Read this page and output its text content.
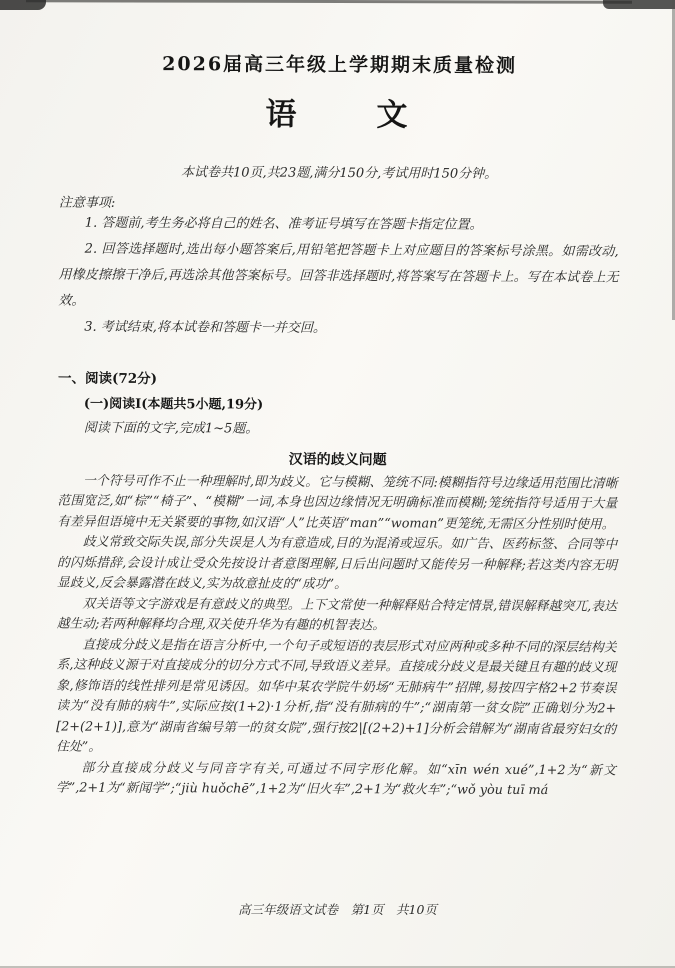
2026届高三年级上学期期末质量检测
语　　文

本试卷共10页,共23题,满分150分,考试用时150分钟。

注意事项:

1. 答题前,考生务必将自己的姓名、准考证号填写在答题卡指定位置。

2. 回答选择题时,选出每小题答案后,用铅笔把答题卡上对应题目的答案标号涂黑。如需改动,用橡皮擦擦干净后,再选涂其他答案标号。回答非选择题时,将答案写在答题卡上。写在本试卷上无效。

3. 考试结束,将本试卷和答题卡一并交回。

一、阅读(72分)

(一)阅读Ⅰ(本题共5小题,19分)

阅读下面的文字,完成1~5题。

汉语的歧义问题

一个符号可作不止一种理解时,即为歧义。它与模糊、笼统不同:模糊指符号边缘适用范围比清晰范围宽泛,如“棕”“椅子”、“模糊”一词,本身也因边缘情况无明确标准而模糊;笼统指符号适用于大量有差异但语境中无关紧要的事物,如汉语“人”比英语“man”“woman”更笼统,无需区分性别时使用。

歧义常致交际失误,部分失误是人为有意造成,目的为混淆或逗乐。如广告、医药标签、合同等中的闪烁措辞,会设计成让受众先按设计者意图理解,日后出问题时又能传另一种解释;若这类内容无明显歧义,反会暴露潜在歧义,实为故意扯皮的“成功”。

双关语等文字游戏是有意歧义的典型。上下文常使一种解释贴合特定情景,错误解释越突兀,表达越生动;若两种解释均合理,双关使升华为有趣的机智表达。

直接成分歧义是指在语言分析中,一个句子或短语的表层形式对应两种或多种不同的深层结构关系,这种歧义源于对直接成分的切分方式不同,导致语义差异。直接成分歧义是最关键且有趣的歧义现象,修饰语的线性排列是常见诱因。如华中某农学院牛奶场“无肺病牛”招牌,易按四字格2+2节奏误读为“没有肺的病牛”,实际应按(1+2)·1分析,指“没有肺病的牛”;“湖南第一贫女院”正确划分为2+[2+(2+1)],意为“湖南省编号第一的贫女院”,强行按2|[(2+2)+1]分析会错解为“湖南省最穷妇女的住处”。

部分直接成分歧义与同音字有关,可通过不同字形化解。如“xīn wén xué”,1+2为“新文学”,2+1为“新闻学”;“jiù huǒchē”,1+2为“旧火车”,2+1为“救火车”;“wǒ yòu tuī má

高三年级语文试卷　第1页　共10页
